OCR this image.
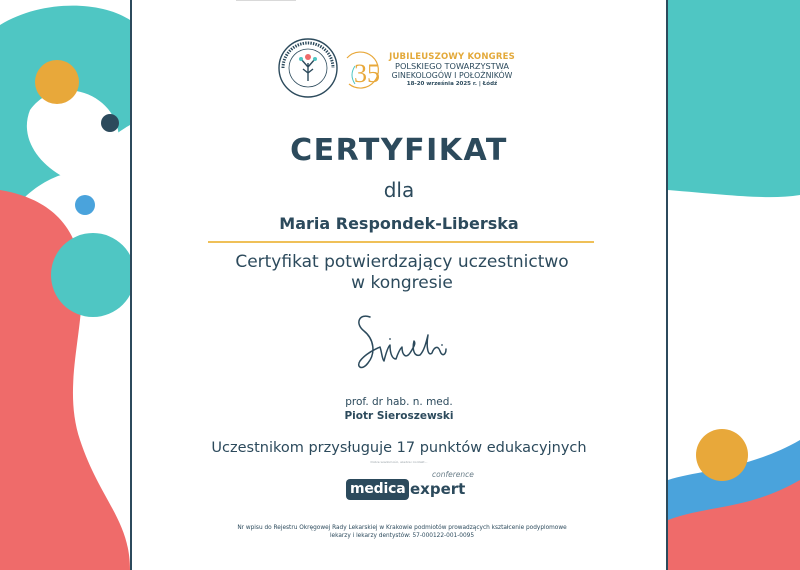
35
JUBILEUSZOWY KONGRES
POLSKIEGO TOWARZYSTWA
GINEKOLOGÓW I POŁOŻNIKÓW
18-20 września 2025 r. | Łódź
CERTYFIKAT
dla
Maria Respondek-Liberska
Certyfikat potwierdzający uczestnictwo
w kongresie
prof. dr hab. n. med.
Piotr Sieroszewski
Uczestnikom przysługuje 17 punktów edukacyjnych
Dobre wiadomości, wiedza i kontakt...
medica expert
conference
Nr wpisu do Rejestru Okręgowej Rady Lekarskiej w Krakowie podmiotów prowadzących kształcenie podyplomowe
lekarzy i lekarzy dentystów: 57-000122-001-0095
